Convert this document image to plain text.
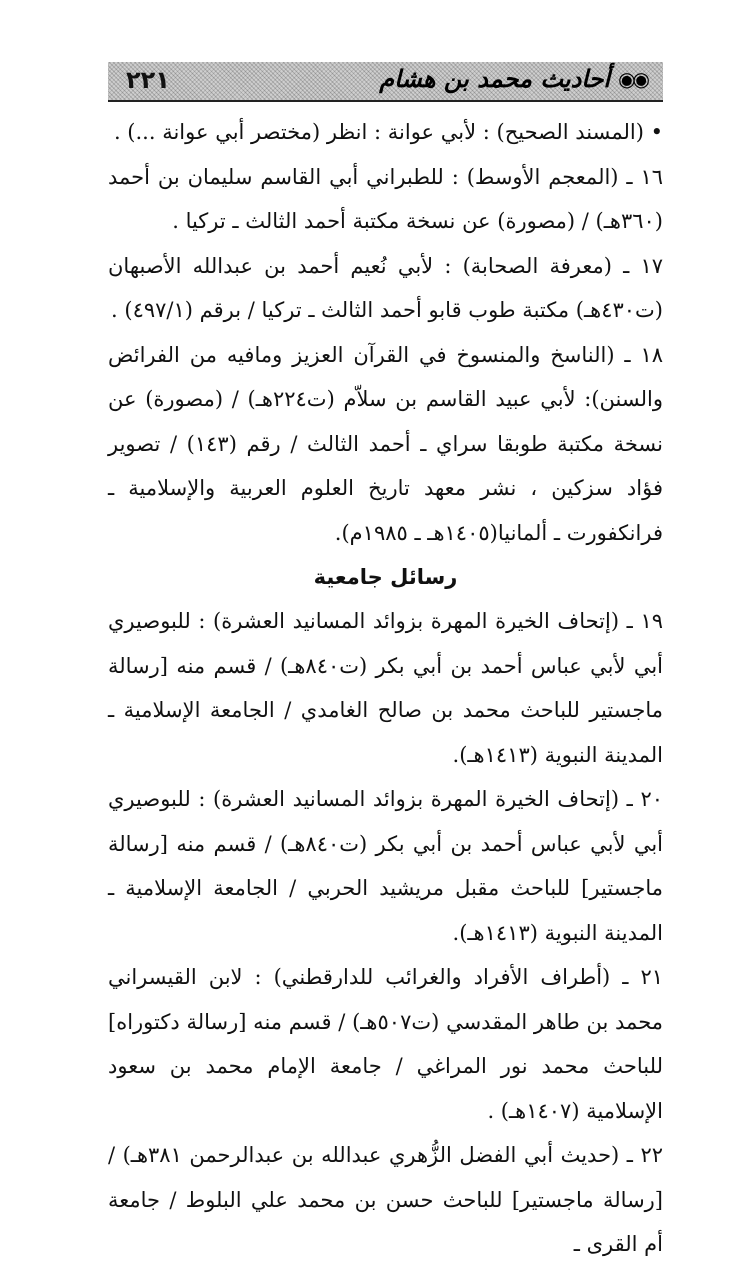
٢٢١	◉◉
أحاديث محمد بن هشام

• (المسند الصحيح) : لأبي عوانة : انظر (مختصر أبي عوانة ...) .

١٦ ـ (المعجم الأوسط) : للطبراني أبي القاسم سليمان بن أحمد (٣٦٠هـ) / (مصورة) عن نسخة مكتبة أحمد الثالث ـ تركيا .

١٧ ـ (معرفة الصحابة) : لأبي نُعيم أحمد بن عبدالله الأصبهان (ت٤٣٠هـ) مكتبة طوب قابو أحمد الثالث ـ تركيا / برقم (٤٩٧/١) .

١٨ ـ (الناسخ والمنسوخ في القرآن العزيز ومافيه من الفرائض والسنن): لأبي عبيد القاسم بن سلاّم (ت٢٢٤هـ) / (مصورة) عن نسخة مكتبة طوبقا سراي ـ أحمد الثالث / رقم (١٤٣) / تصوير فؤاد سزكين ، نشر معهد تاريخ العلوم العربية والإسلامية ـ فرانكفورت ـ ألمانيا(١٤٠٥هـ ـ ١٩٨٥م).

رسائل جامعية

١٩ ـ (إتحاف الخيرة المهرة بزوائد المسانيد العشرة) : للبوصيري أبي لأبي عباس أحمد بن أبي بكر (ت٨٤٠هـ) / قسم منه [رسالة ماجستير للباحث محمد بن صالح الغامدي / الجامعة الإسلامية ـ المدينة النبوية (١٤١٣هـ).

٢٠ ـ (إتحاف الخيرة المهرة بزوائد المسانيد العشرة) : للبوصيري أبي لأبي عباس أحمد بن أبي بكر (ت٨٤٠هـ) / قسم منه [رسالة ماجستير] للباحث مقبل مريشيد الحربي / الجامعة الإسلامية ـ المدينة النبوية (١٤١٣هـ).

٢١ ـ (أطراف الأفراد والغرائب للدارقطني) : لابن القيسراني محمد بن طاهر المقدسي (ت٥٠٧هـ) / قسم منه [رسالة دكتوراه] للباحث محمد نور المراغي / جامعة الإمام محمد بن سعود الإسلامية (١٤٠٧هـ) .

٢٢ ـ (حديث أبي الفضل الزُّهري عبدالله بن عبدالرحمن ٣٨١هـ) / [رسالة ماجستير] للباحث حسن بن محمد علي البلوط / جامعة أم القرى ـ
